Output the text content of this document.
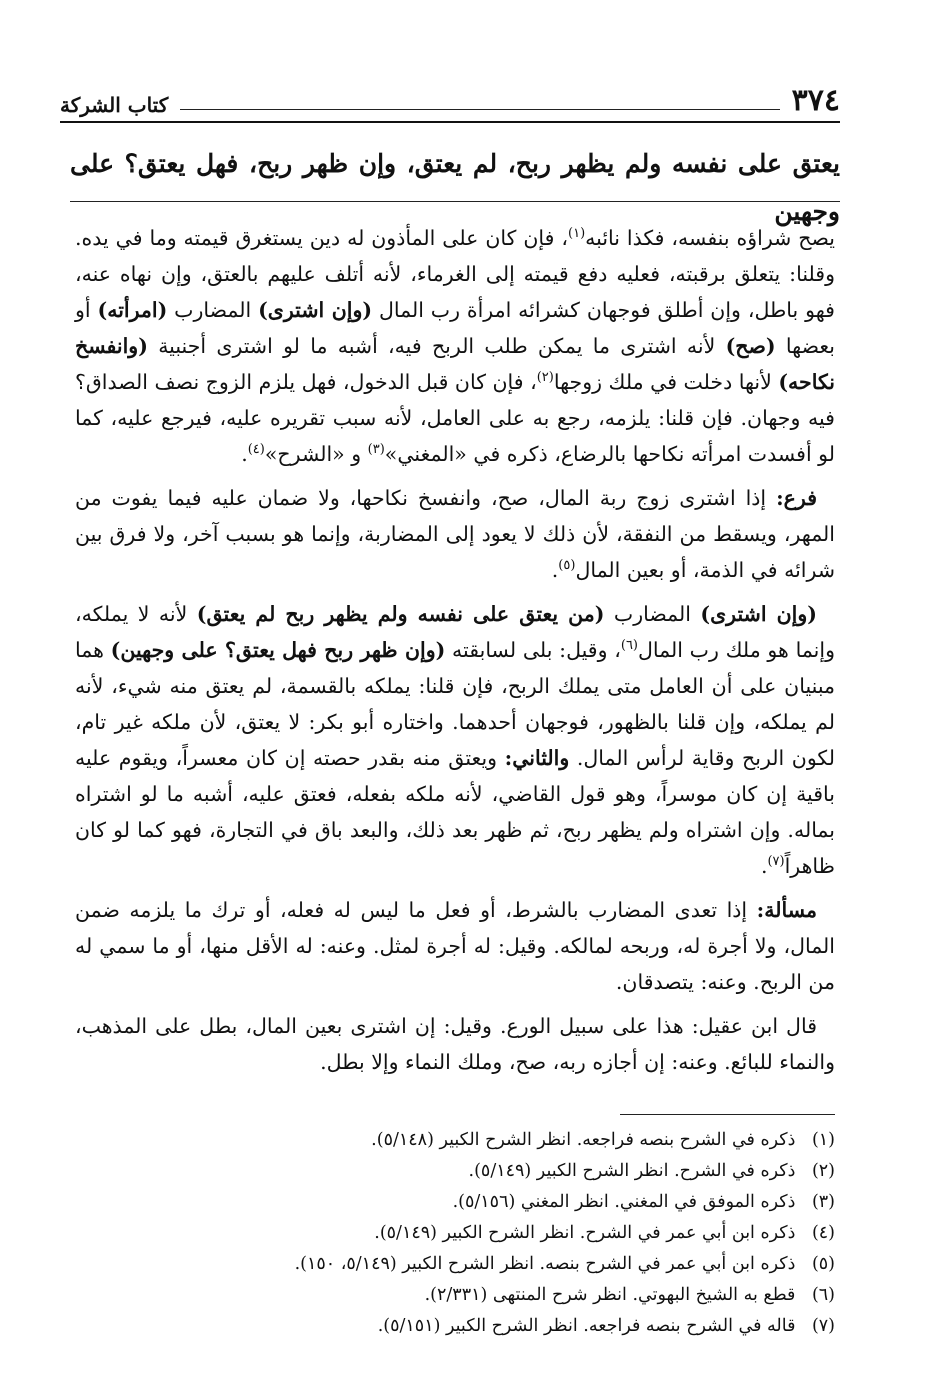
٣٧٤
كتاب الشركة
يعتق على نفسه ولم يظهر ربح، لم يعتق، وإن ظهر ربح، فهل يعتق؟ على وجهين

يصح شراؤه بنفسه، فكذا نائبه$^{(١)}$، فإن كان على المأذون له دين يستغرق قيمته وما في يده. وقلنا: يتعلق برقبته، فعليه دفع قيمته إلى الغرماء، لأنه أتلف عليهم بالعتق، وإن نهاه عنه، فهو باطل، وإن أطلق فوجهان كشرائه امرأة رب المال (وإن اشترى) المضارب (امرأته) أو بعضها (صح) لأنه اشترى ما يمكن طلب الربح فيه، أشبه ما لو اشترى أجنبية (وانفسخ نكاحه) لأنها دخلت في ملك زوجها$^{(٢)}$، فإن كان قبل الدخول، فهل يلزم الزوج نصف الصداق؟ فيه وجهان. فإن قلنا: يلزمه، رجع به على العامل، لأنه سبب تقريره عليه، فيرجع عليه، كما لو أفسدت امرأته نكاحها بالرضاع، ذكره في «المغني»$^{(٣)}$ و «الشرح»$^{(٤)}$.

فرع: إذا اشترى زوج ربة المال، صح، وانفسخ نكاحها، ولا ضمان عليه فيما يفوت من المهر، ويسقط من النفقة، لأن ذلك لا يعود إلى المضاربة، وإنما هو بسبب آخر، ولا فرق بين شرائه في الذمة، أو بعين المال$^{(٥)}$.

(وإن اشترى) المضارب (من يعتق على نفسه ولم يظهر ربح لم يعتق) لأنه لا يملكه، وإنما هو ملك رب المال$^{(٦)}$، وقيل: بلى لسابقته (وإن ظهر ربح فهل يعتق؟ على وجهين) هما مبنيان على أن العامل متى يملك الربح، فإن قلنا: يملكه بالقسمة، لم يعتق منه شيء، لأنه لم يملكه، وإن قلنا بالظهور، فوجهان أحدهما. واختاره أبو بكر: لا يعتق، لأن ملكه غير تام، لكون الربح وقاية لرأس المال. والثاني: ويعتق منه بقدر حصته إن كان معسراً، ويقوم عليه باقية إن كان موسراً، وهو قول القاضي، لأنه ملكه بفعله، فعتق عليه، أشبه ما لو اشتراه بماله. وإن اشتراه ولم يظهر ربح، ثم ظهر بعد ذلك، والبعد باق في التجارة، فهو كما لو كان ظاهراً$^{(٧)}$.

مسألة: إذا تعدى المضارب بالشرط، أو فعل ما ليس له فعله، أو ترك ما يلزمه ضمن المال، ولا أجرة له، وربحه لمالكه. وقيل: له أجرة لمثل. وعنه: له الأقل منها، أو ما سمي له من الربح. وعنه: يتصدقان.

قال ابن عقيل: هذا على سبيل الورع. وقيل: إن اشترى بعين المال، بطل على المذهب، والنماء للبائع. وعنه: إن أجازه ربه، صح، وملك النماء وإلا بطل.

(١) ذكره في الشرح بنصه فراجعه. انظر الشرح الكبير (٥/١٤٨).

(٢) ذكره في الشرح. انظر الشرح الكبير (٥/١٤٩).

(٣) ذكره الموفق في المغني. انظر المغني (٥/١٥٦).

(٤) ذكره ابن أبي عمر في الشرح. انظر الشرح الكبير (٥/١٤٩).

(٥) ذكره ابن أبي عمر في الشرح بنصه. انظر الشرح الكبير (٥/١٤٩، ١٥٠).

(٦) قطع به الشيخ البهوتي. انظر شرح المنتهى (٢/٣٣١).

(٧) قاله في الشرح بنصه فراجعه. انظر الشرح الكبير (٥/١٥١).
